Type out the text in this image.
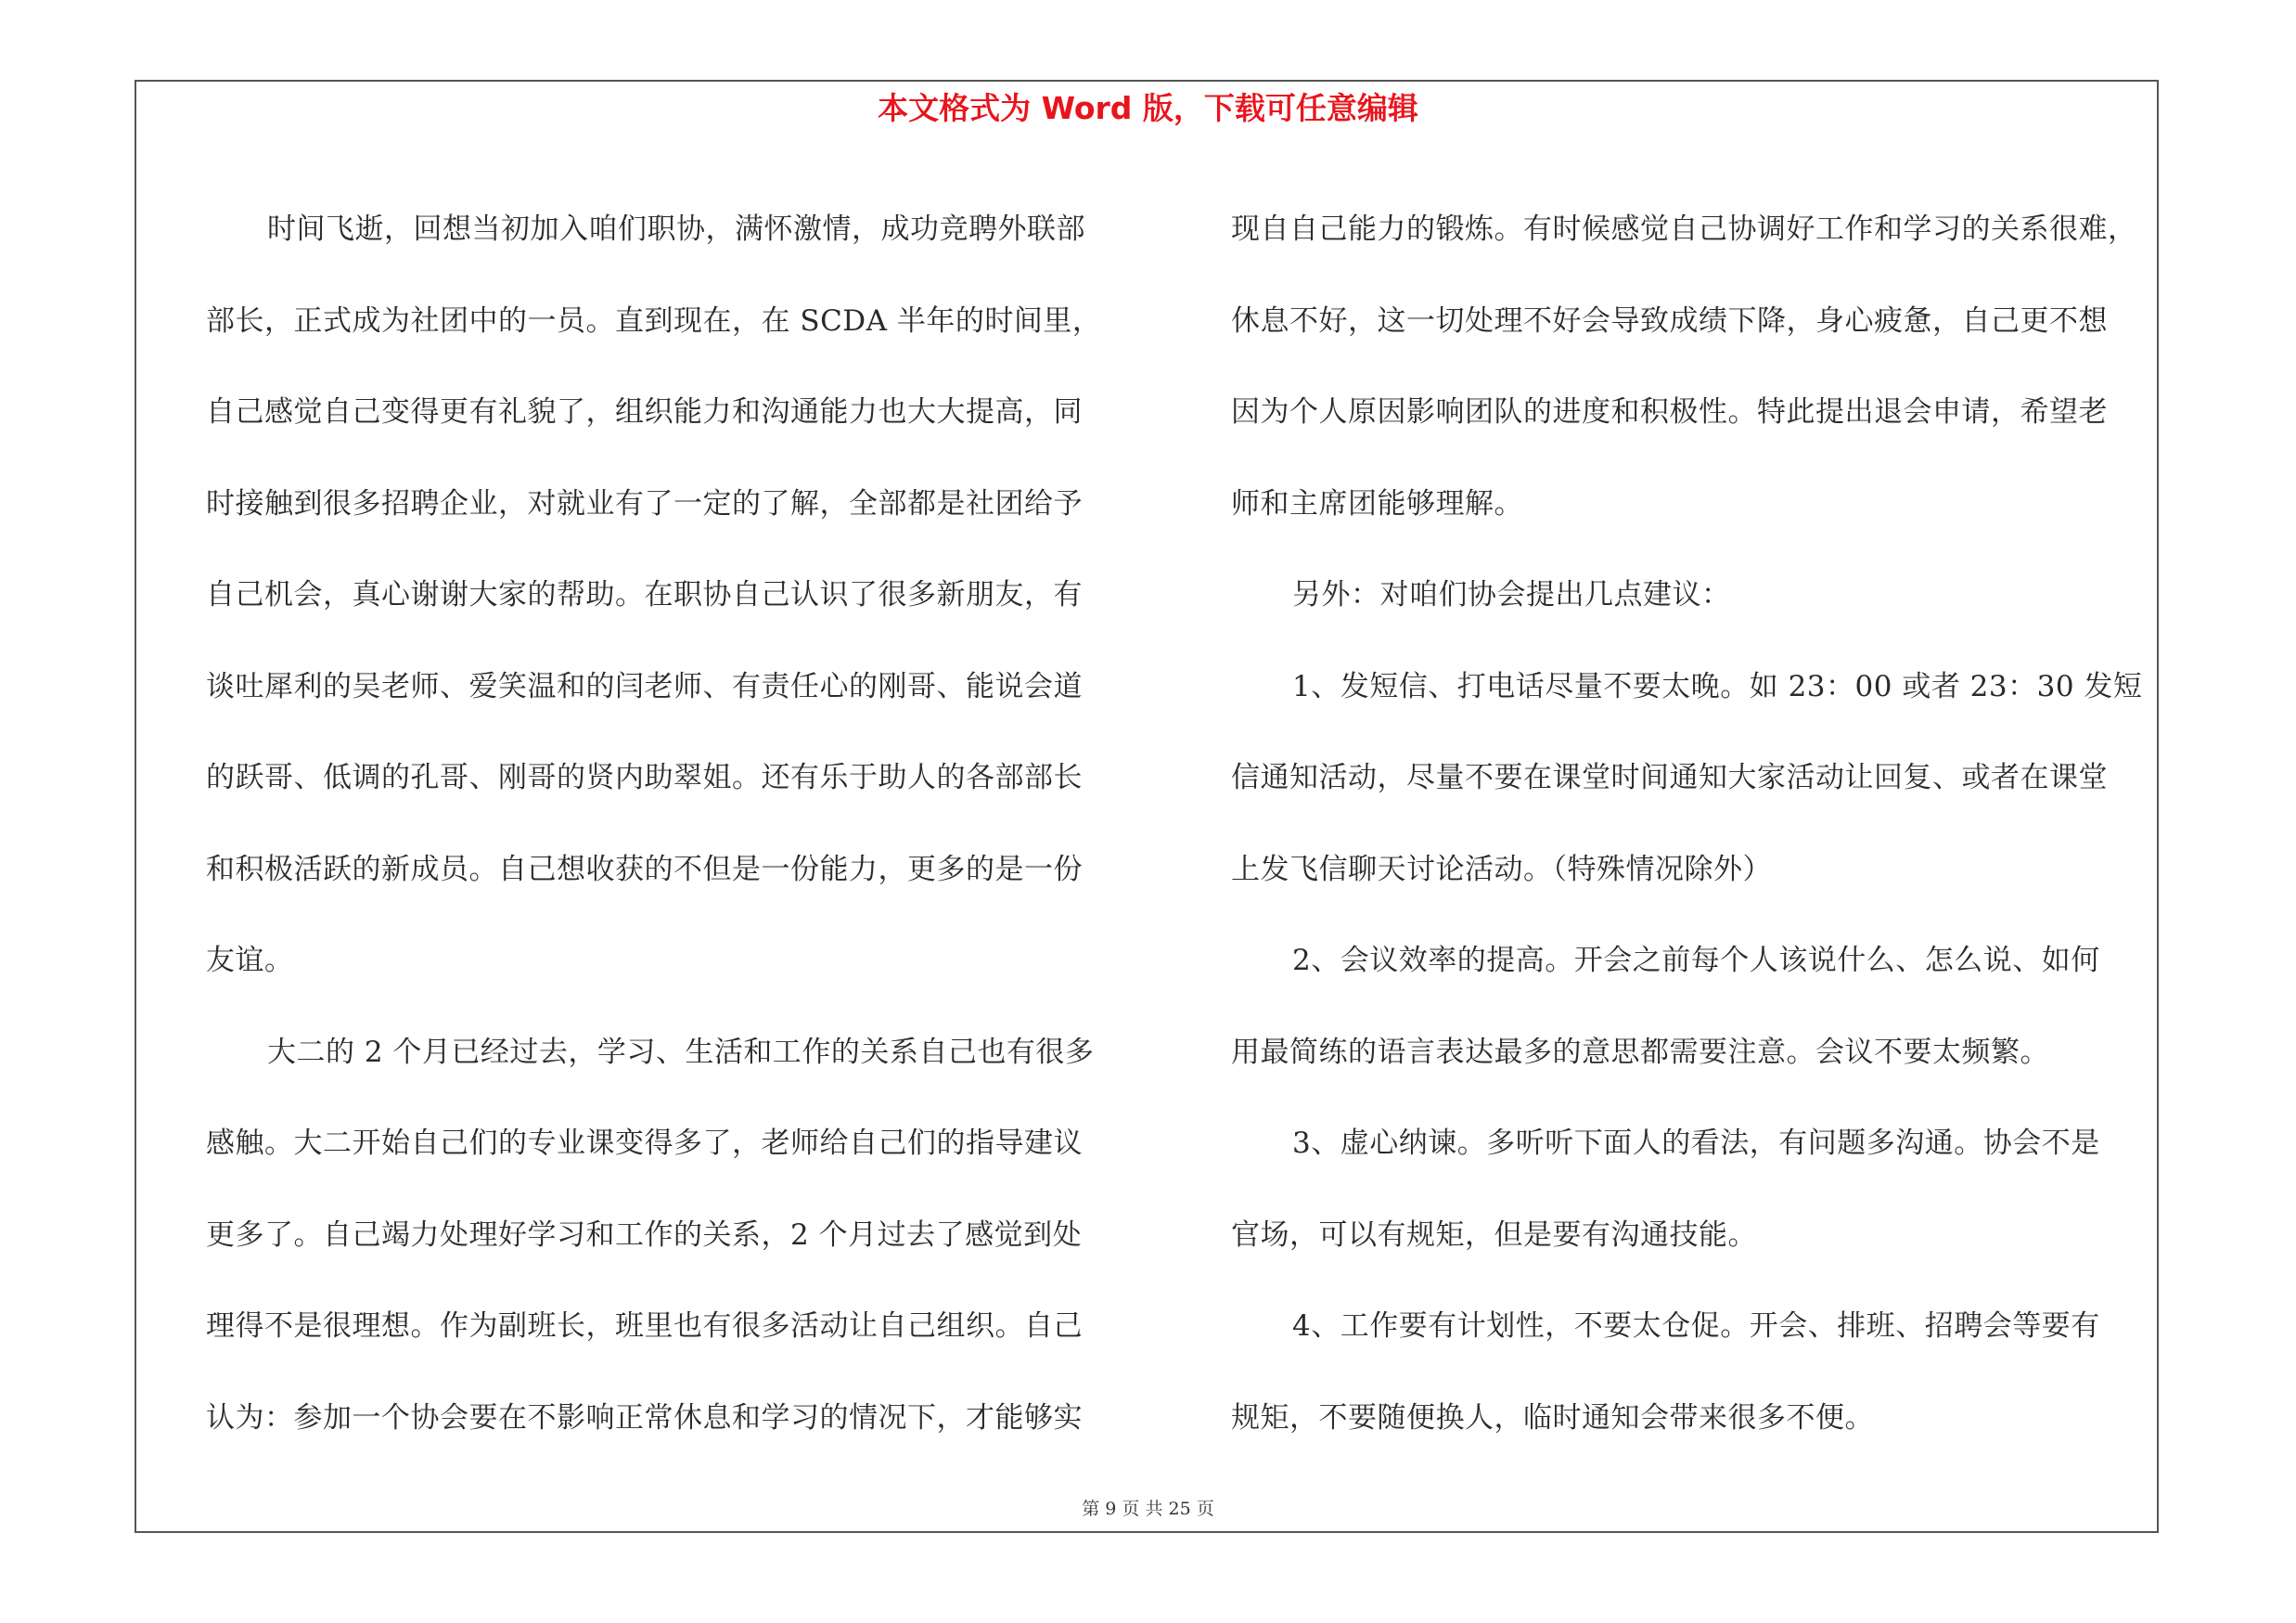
本文格式为 Word 版，下载可任意编辑
时间飞逝，回想当初加入咱们职协，满怀激情，成功竞聘外联部
部长，正式成为社团中的一员。直到现在，在 SCDA 半年的时间里，
自己感觉自己变得更有礼貌了，组织能力和沟通能力也大大提高，同
时接触到很多招聘企业，对就业有了一定的了解，全部都是社团给予
自己机会，真心谢谢大家的帮助。在职协自己认识了很多新朋友，有
谈吐犀利的吴老师、爱笑温和的闫老师、有责任心的刚哥、能说会道
的跃哥、低调的孔哥、刚哥的贤内助翠姐。还有乐于助人的各部部长
和积极活跃的新成员。自己想收获的不但是一份能力，更多的是一份
友谊。
大二的 2 个月已经过去，学习、生活和工作的关系自己也有很多
感触。大二开始自己们的专业课变得多了，老师给自己们的指导建议
更多了。自己竭力处理好学习和工作的关系，2 个月过去了感觉到处
理得不是很理想。作为副班长，班里也有很多活动让自己组织。自己
认为：参加一个协会要在不影响正常休息和学习的情况下，才能够实
现自自己能力的锻炼。有时候感觉自己协调好工作和学习的关系很难，
休息不好，这一切处理不好会导致成绩下降，身心疲惫，自己更不想
因为个人原因影响团队的进度和积极性。特此提出退会申请，希望老
师和主席团能够理解。
另外：对咱们协会提出几点建议：
1、发短信、打电话尽量不要太晚。如 23：00 或者 23：30 发短
信通知活动，尽量不要在课堂时间通知大家活动让回复、或者在课堂
上发飞信聊天讨论活动。（特殊情况除外）
2、会议效率的提高。开会之前每个人该说什么、怎么说、如何
用最简练的语言表达最多的意思都需要注意。会议不要太频繁。
3、虚心纳谏。多听听下面人的看法，有问题多沟通。协会不是
官场，可以有规矩，但是要有沟通技能。
4、工作要有计划性，不要太仓促。开会、排班、招聘会等要有
规矩，不要随便换人，临时通知会带来很多不便。
第 9 页 共 25 页
